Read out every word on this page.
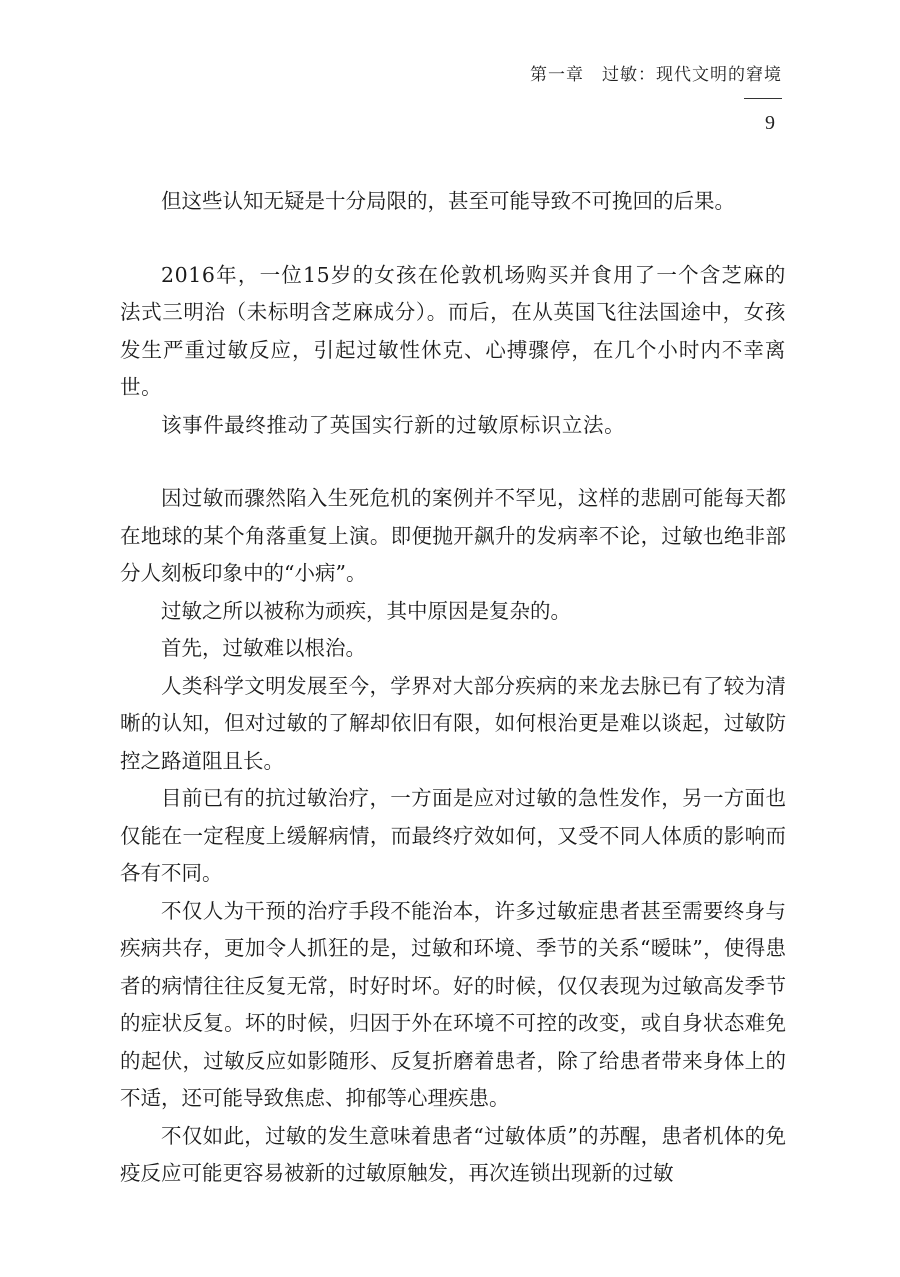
第一章　过敏：现代文明的窘境
9

但这些认知无疑是十分局限的，甚至可能导致不可挽回的后果。

2016年，一位15岁的女孩在伦敦机场购买并食用了一个含芝麻的法式三明治（未标明含芝麻成分）。而后，在从英国飞往法国途中，女孩发生严重过敏反应，引起过敏性休克、心搏骤停，在几个小时内不幸离世。

该事件最终推动了英国实行新的过敏原标识立法。

因过敏而骤然陷入生死危机的案例并不罕见，这样的悲剧可能每天都在地球的某个角落重复上演。即便抛开飙升的发病率不论，过敏也绝非部分人刻板印象中的“小病”。

过敏之所以被称为顽疾，其中原因是复杂的。

首先，过敏难以根治。

人类科学文明发展至今，学界对大部分疾病的来龙去脉已有了较为清晰的认知，但对过敏的了解却依旧有限，如何根治更是难以谈起，过敏防控之路道阻且长。

目前已有的抗过敏治疗，一方面是应对过敏的急性发作，另一方面也仅能在一定程度上缓解病情，而最终疗效如何，又受不同人体质的影响而各有不同。

不仅人为干预的治疗手段不能治本，许多过敏症患者甚至需要终身与疾病共存，更加令人抓狂的是，过敏和环境、季节的关系“暧昧”，使得患者的病情往往反复无常，时好时坏。好的时候，仅仅表现为过敏高发季节的症状反复。坏的时候，归因于外在环境不可控的改变，或自身状态难免的起伏，过敏反应如影随形、反复折磨着患者，除了给患者带来身体上的不适，还可能导致焦虑、抑郁等心理疾患。

不仅如此，过敏的发生意味着患者“过敏体质”的苏醒，患者机体的免疫反应可能更容易被新的过敏原触发，再次连锁出现新的过敏
